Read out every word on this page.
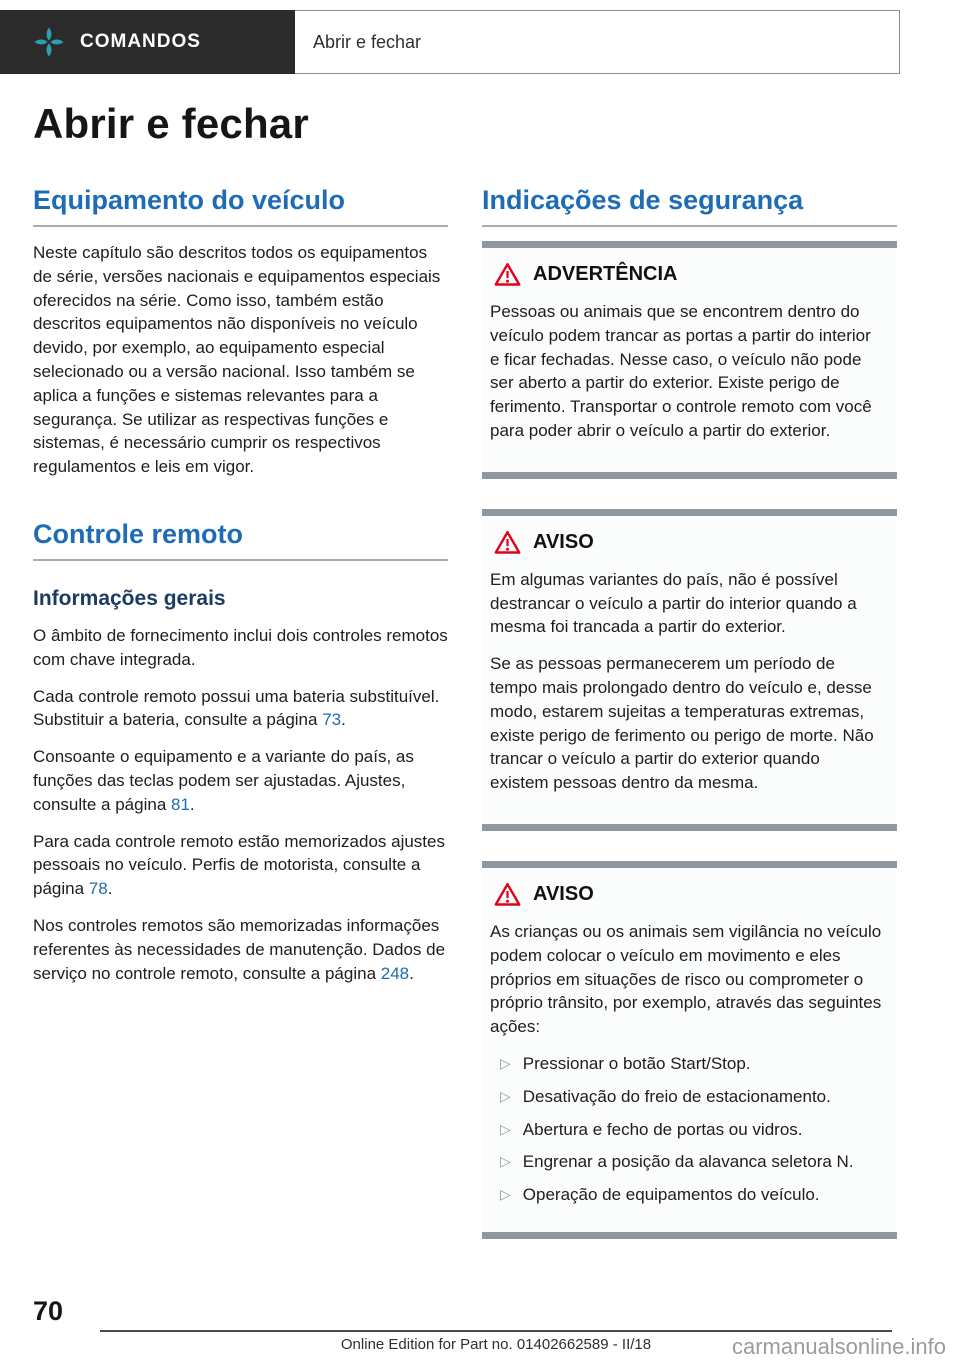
COMANDOS	Abrir e fechar
Abrir e fechar
Equipamento do veículo

Neste capítulo são descritos todos os equipamentos de série, versões nacionais e equipamentos especiais oferecidos na série. Como isso, também estão descritos equipamentos não disponíveis no veículo devido, por exemplo, ao equipamento especial selecionado ou a versão nacional. Isso também se aplica a funções e sistemas relevantes para a segurança. Se utilizar as respectivas funções e sistemas, é necessário cumprir os respectivos regulamentos e leis em vigor.

Controle remoto
Informações gerais

O âmbito de fornecimento inclui dois controles remotos com chave integrada.

Cada controle remoto possui uma bateria substituível. Substituir a bateria, consulte a página 73.

Consoante o equipamento e a variante do país, as funções das teclas podem ser ajustadas. Ajustes, consulte a página 81.

Para cada controle remoto estão memorizados ajustes pessoais no veículo. Perfis de motorista, consulte a página 78.

Nos controles remotos são memorizadas informações referentes às necessidades de manutenção. Dados de serviço no controle remoto, consulte a página 248.

Indicações de segurança
ADVERTÊNCIA

Pessoas ou animais que se encontrem dentro do veículo podem trancar as portas a partir do interior e ficar fechadas. Nesse caso, o veículo não pode ser aberto a partir do exterior. Existe perigo de ferimento. Transportar o controle remoto com você para poder abrir o veículo a partir do exterior.

AVISO

Em algumas variantes do país, não é possível destrancar o veículo a partir do interior quando a mesma foi trancada a partir do exterior.

Se as pessoas permanecerem um período de tempo mais prolongado dentro do veículo e, desse modo, estarem sujeitas a temperaturas extremas, existe perigo de ferimento ou perigo de morte. Não trancar o veículo a partir do exterior quando existem pessoas dentro da mesma.

AVISO

As crianças ou os animais sem vigilância no veículo podem colocar o veículo em movimento e eles próprios em situações de risco ou comprometer o próprio trânsito, por exemplo, através das seguintes ações:

▷ Pressionar o botão Start/Stop.
▷ Desativação do freio de estacionamento.
▷ Abertura e fecho de portas ou vidros.
▷ Engrenar a posição da alavanca seletora N.
▷ Operação de equipamentos do veículo.
70
Online Edition for Part no. 01402662589 - II/18	carmanualsonline.info
